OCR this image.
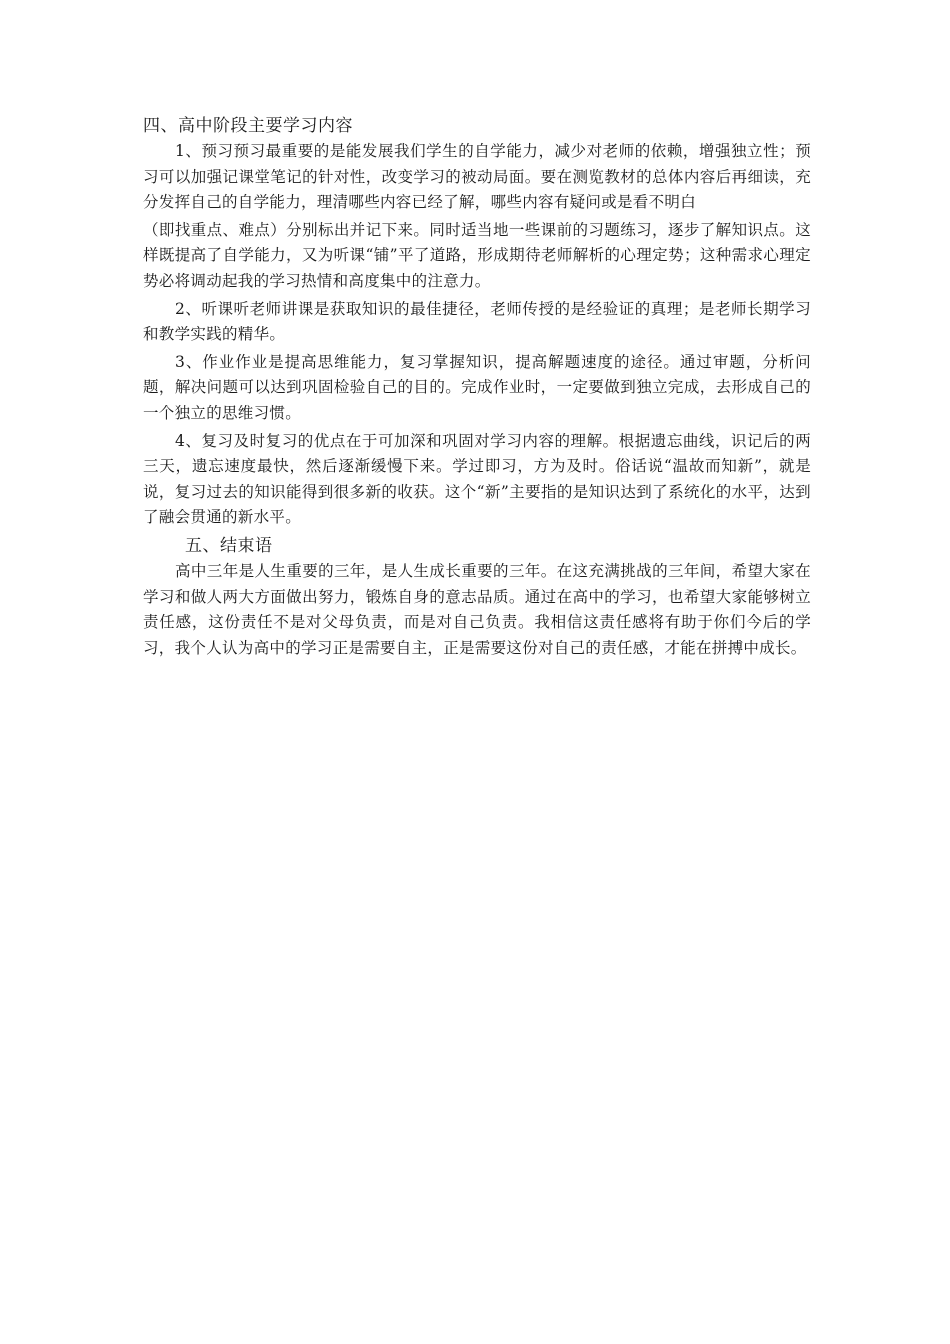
四、高中阶段主要学习内容

1、预习预习最重要的是能发展我们学生的自学能力，减少对老师的依赖，增强独立性；预习可以加强记课堂笔记的针对性，改变学习的被动局面。要在测览教材的总体内容后再细读，充分发挥自己的自学能力，理清哪些内容已经了解，哪些内容有疑问或是看不明白

（即找重点、难点）分别标出并记下来。同时适当地一些课前的习题练习，逐步了解知识点。这样既提高了自学能力，又为听课“铺”平了道路，形成期待老师解析的心理定势；这种需求心理定势必将调动起我的学习热情和高度集中的注意力。

2、听课听老师讲课是获取知识的最佳捷径，老师传授的是经验证的真理；是老师长期学习和教学实践的精华。

3、作业作业是提高思维能力，复习掌握知识，提高解题速度的途径。通过审题，分析问题，解决问题可以达到巩固检验自己的目的。完成作业时，一定要做到独立完成，去形成自己的一个独立的思维习惯。

4、复习及时复习的优点在于可加深和巩固对学习内容的理解。根据遗忘曲线，识记后的两三天，遗忘速度最快，然后逐渐缓慢下来。学过即习，方为及时。俗话说“温故而知新”，就是说，复习过去的知识能得到很多新的收获。这个“新”主要指的是知识达到了系统化的水平，达到了融会贯通的新水平。

五、结束语

高中三年是人生重要的三年，是人生成长重要的三年。在这充满挑战的三年间，希望大家在学习和做人两大方面做出努力，锻炼自身的意志品质。通过在高中的学习，也希望大家能够树立责任感，这份责任不是对父母负责，而是对自己负责。我相信这责任感将有助于你们今后的学习，我个人认为高中的学习正是需要自主，正是需要这份对自己的责任感，才能在拼搏中成长。
